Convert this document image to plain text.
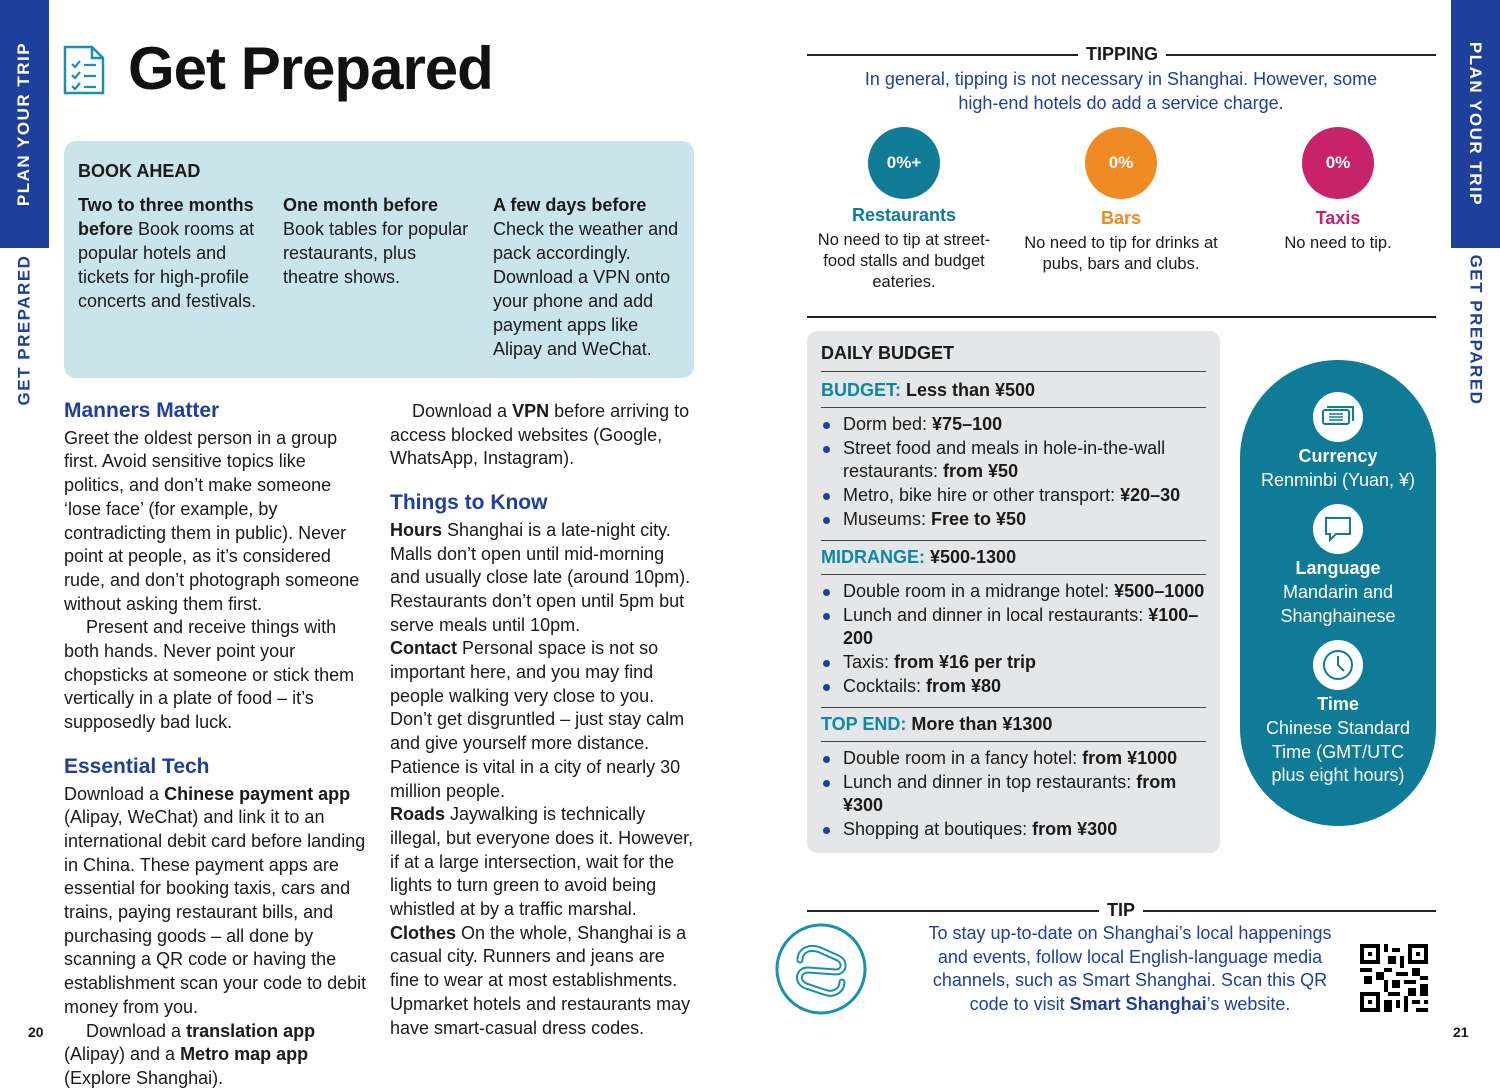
PLAN YOUR TRIP
GET PREPARED
20
PLAN YOUR TRIP
GET PREPARED
21
Get Prepared
BOOK AHEAD
Two to three months before Book rooms at popular hotels and tickets for high-profile concerts and festivals.
One month before
Book tables for popular restaurants, plus theatre shows.
A few days before
Check the weather and pack accordingly. Download a VPN onto your phone and add payment apps like Alipay and WeChat.
Manners Matter

Greet the oldest person in a group first. Avoid sensitive topics like politics, and don’t make someone ‘lose face’ (for example, by contradicting them in public). Never point at people, as it’s considered rude, and don’t photograph someone without asking them first.

Present and receive things with both hands. Never point your chopsticks at someone or stick them vertically in a plate of food – it’s supposedly bad luck.

Essential Tech

Download a Chinese payment app (Alipay, WeChat) and link it to an international debit card before landing in China. These payment apps are essential for booking taxis, cars and trains, paying restaurant bills, and purchasing goods – all done by scanning a QR code or having the establishment scan your code to debit money from you.

Download a translation app (Alipay) and a Metro map app (Explore Shanghai).

Download a VPN before arriving to access blocked websites (Google, WhatsApp, Instagram).

Things to Know

Hours Shanghai is a late-night city. Malls don’t open until mid-morning and usually close late (around 10pm). Restaurants don’t open until 5pm but serve meals until 10pm.

Contact Personal space is not so important here, and you may find people walking very close to you. Don’t get disgruntled – just stay calm and give yourself more distance. Patience is vital in a city of nearly 30 million people.

Roads Jaywalking is technically illegal, but everyone does it. However, if at a large intersection, wait for the lights to turn green to avoid being whistled at by a traffic marshal.

Clothes On the whole, Shanghai is a casual city. Runners and jeans are fine to wear at most establishments. Upmarket hotels and restaurants may have smart-casual dress codes.

TIPPING
In general, tipping is not necessary in Shanghai. However, some high-end hotels do add a service charge.
0%+
Restaurants
No need to tip at street-food stalls and budget eateries.
0%
Bars
No need to tip for drinks at pubs, bars and clubs.
0%
Taxis
No need to tip.
DAILY BUDGET
BUDGET: Less than ¥500
Dorm bed: ¥75–100
Street food and meals in hole-in-the-wall restaurants: from ¥50
Metro, bike hire or other transport: ¥20–30
Museums: Free to ¥50
MIDRANGE: ¥500-1300
Double room in a midrange hotel: ¥500–1000
Lunch and dinner in local restaurants: ¥100–200
Taxis: from ¥16 per trip
Cocktails: from ¥80
TOP END: More than ¥1300
Double room in a fancy hotel: from ¥1000
Lunch and dinner in top restaurants: from ¥300
Shopping at boutiques: from ¥300
Currency
Renminbi (Yuan, ¥)
Language
Mandarin and Shanghainese
Time
Chinese Standard Time (GMT/UTC plus eight hours)
TIP
To stay up-to-date on Shanghai’s local happenings and events, follow local English-language media channels, such as Smart Shanghai. Scan this QR code to visit Smart Shanghai’s website.
